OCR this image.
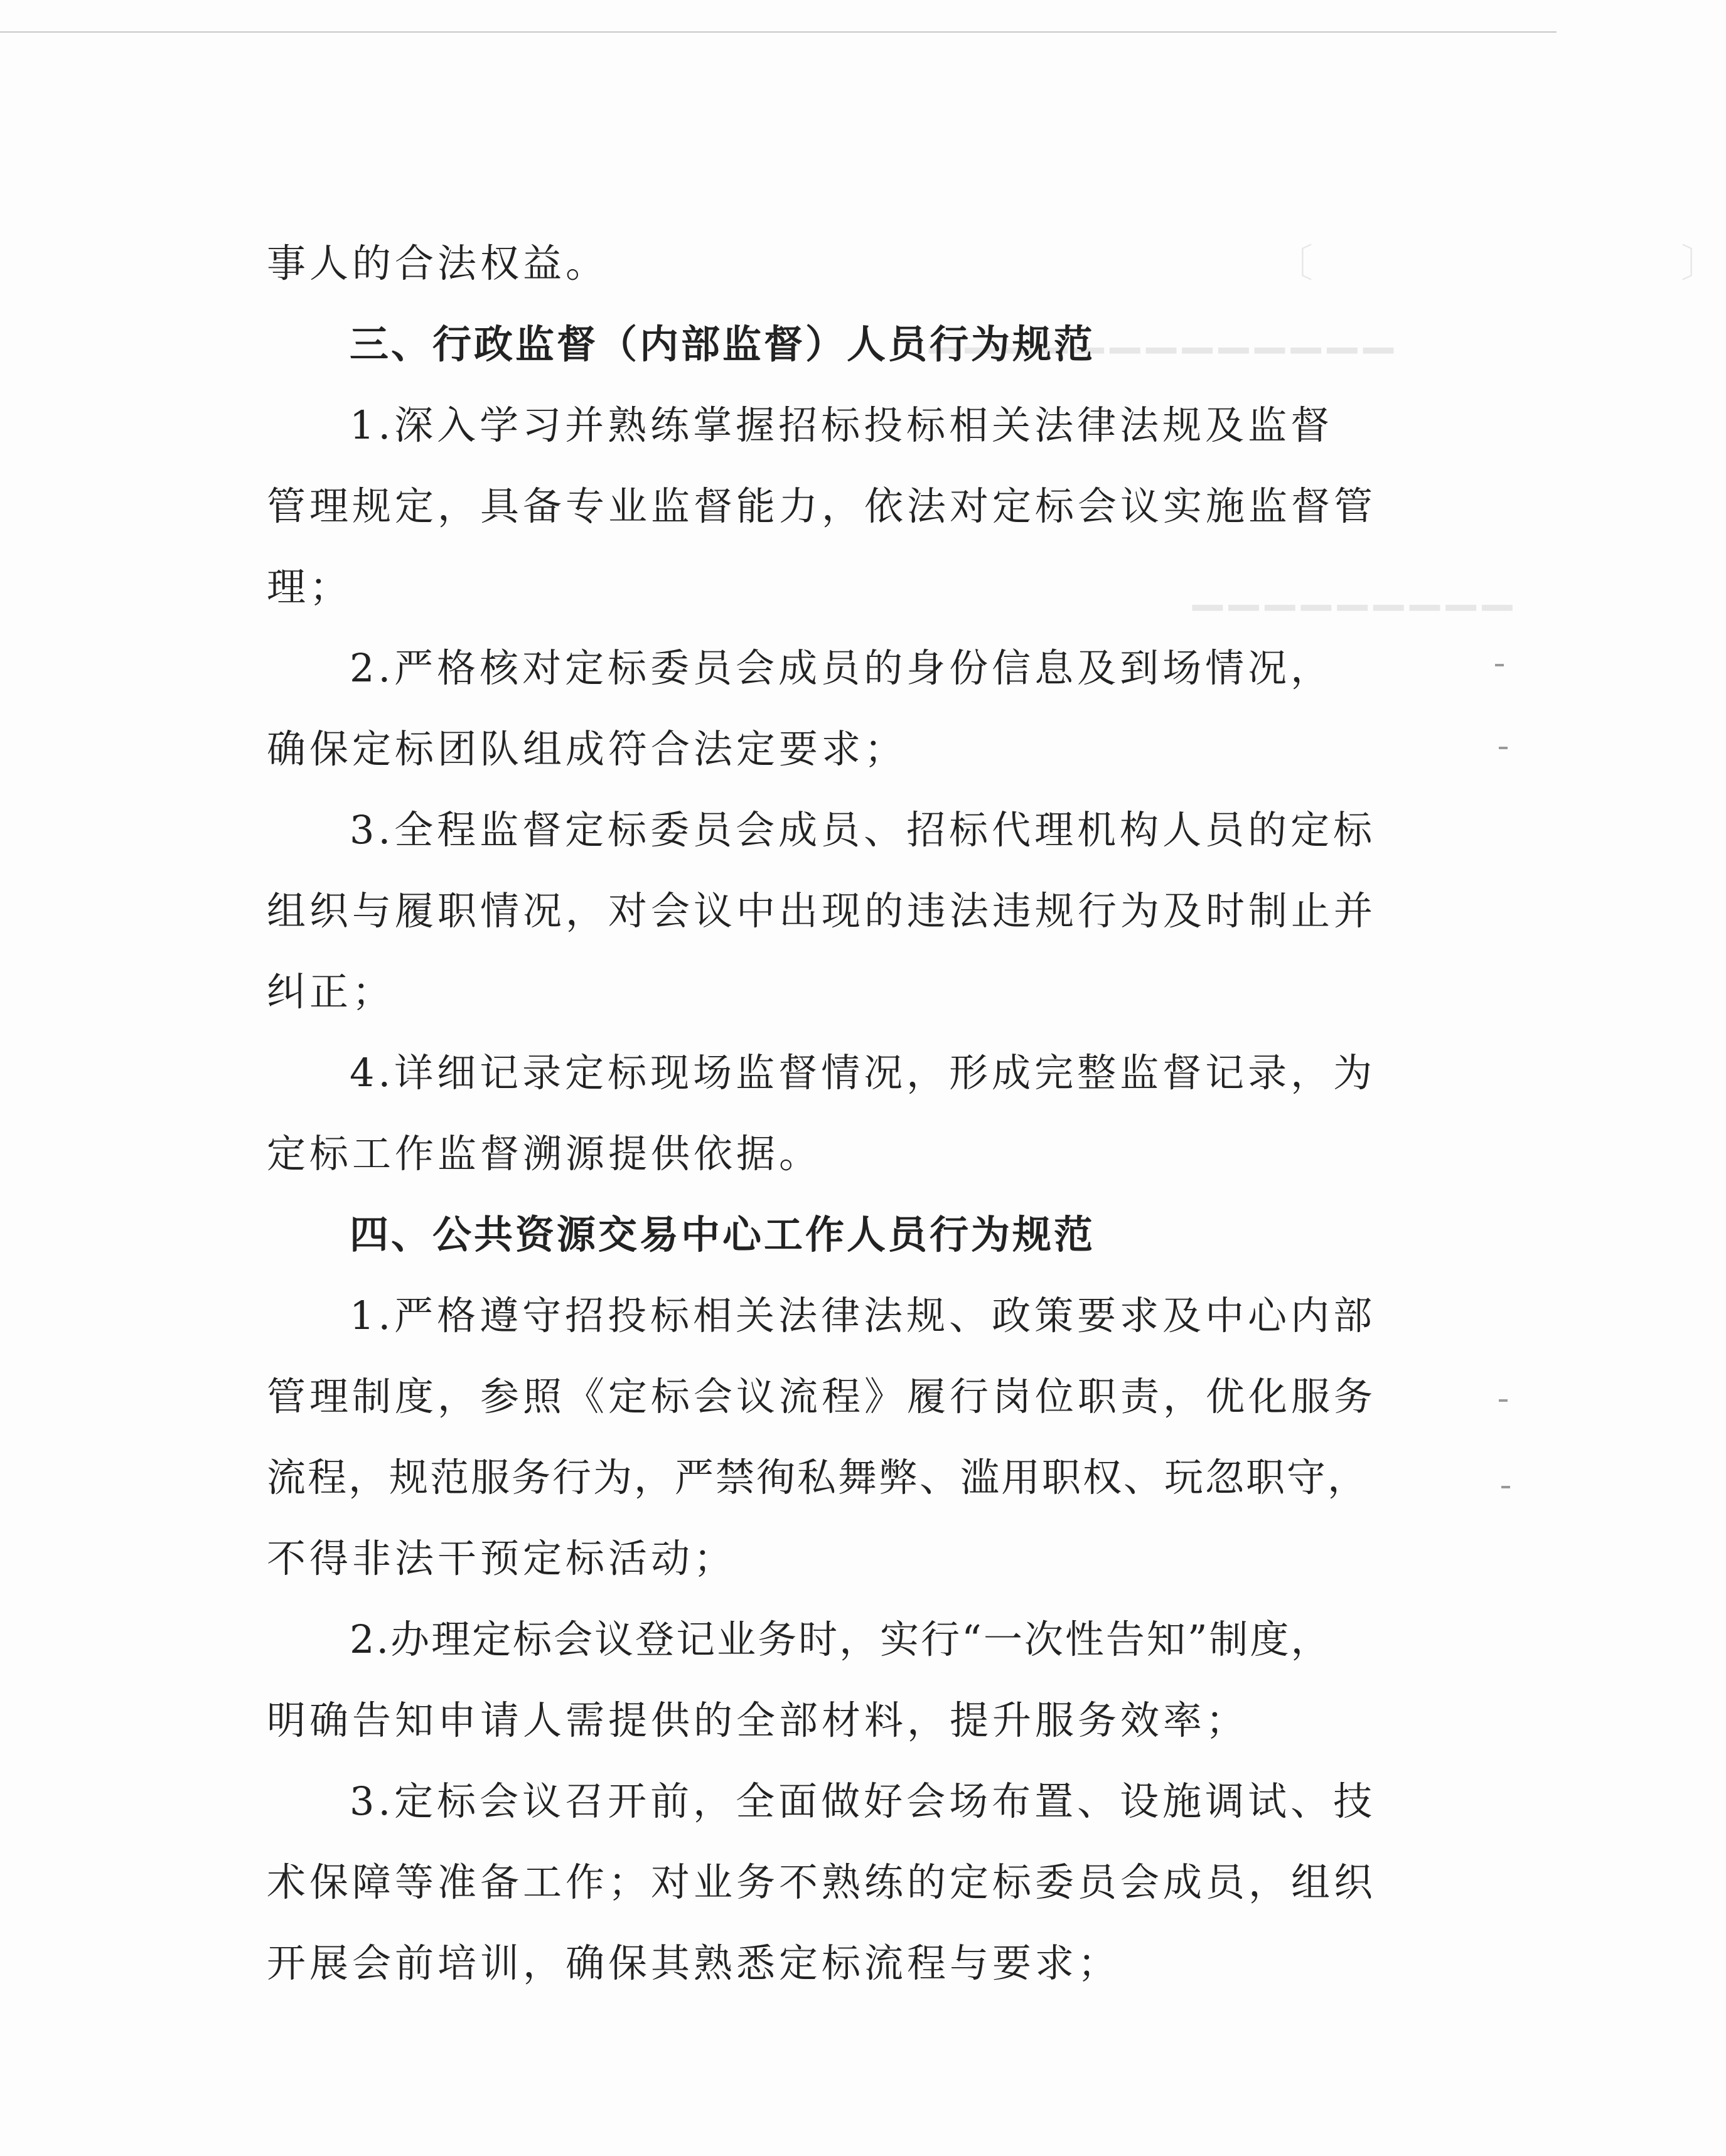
〔　　　　　　　　〕
▁▁▁▁▁▁▁▁▁▁▁▁▁
▁▁▁▁▁▁▁▁▁
事人的合法权益。
三、行政监督（内部监督）人员行为规范
1.深入学习并熟练掌握招标投标相关法律法规及监督
管理规定，具备专业监督能力，依法对定标会议实施监督管
理；
2.严格核对定标委员会成员的身份信息及到场情况，
确保定标团队组成符合法定要求；
3.全程监督定标委员会成员、招标代理机构人员的定标
组织与履职情况，对会议中出现的违法违规行为及时制止并
纠正；
4.详细记录定标现场监督情况，形成完整监督记录，为
定标工作监督溯源提供依据。
四、公共资源交易中心工作人员行为规范
1.严格遵守招投标相关法律法规、政策要求及中心内部
管理制度，参照《定标会议流程》履行岗位职责，优化服务
流程，规范服务行为，严禁徇私舞弊、滥用职权、玩忽职守，
不得非法干预定标活动；
2.办理定标会议登记业务时，实行“一次性告知”制度，
明确告知申请人需提供的全部材料，提升服务效率；
3.定标会议召开前，全面做好会场布置、设施调试、技
术保障等准备工作；对业务不熟练的定标委员会成员，组织
开展会前培训，确保其熟悉定标流程与要求；
